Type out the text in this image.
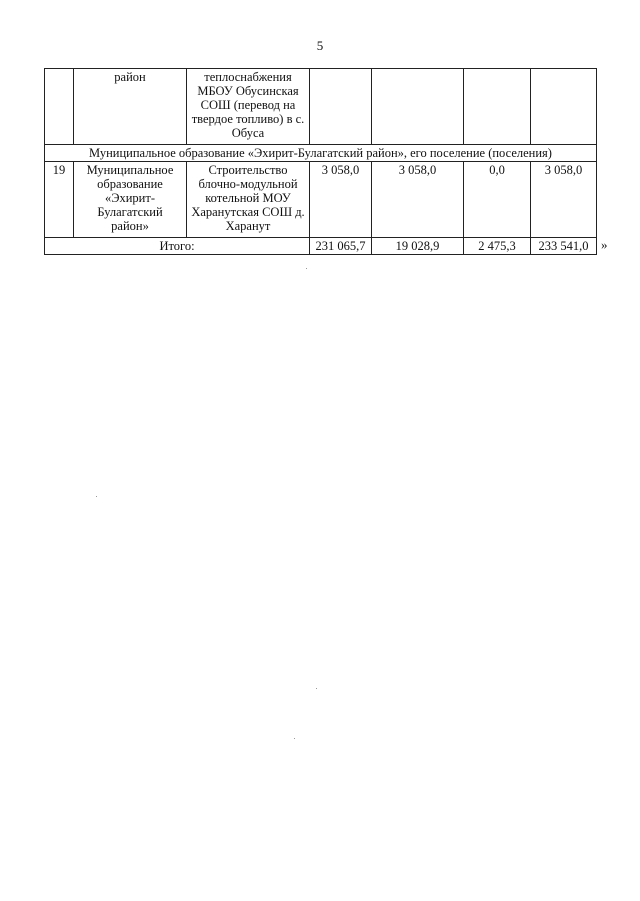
5
	район	теплоснабжения МБОУ Обусинская СОШ (перевод на твердое топливо) в с. Обуса				
Муниципальное образование «Эхирит-Булагатский район», его поселение (поселения)						
19	Муниципальное образование «Эхирит-Булагатский район»	Строительство блочно-модульной котельной МОУ Харанутская СОШ д. Харанут	3 058,0	3 058,0	0,0	3 058,0
Итого:			231 065,7	19 028,9	2 475,3	233 541,0 »
